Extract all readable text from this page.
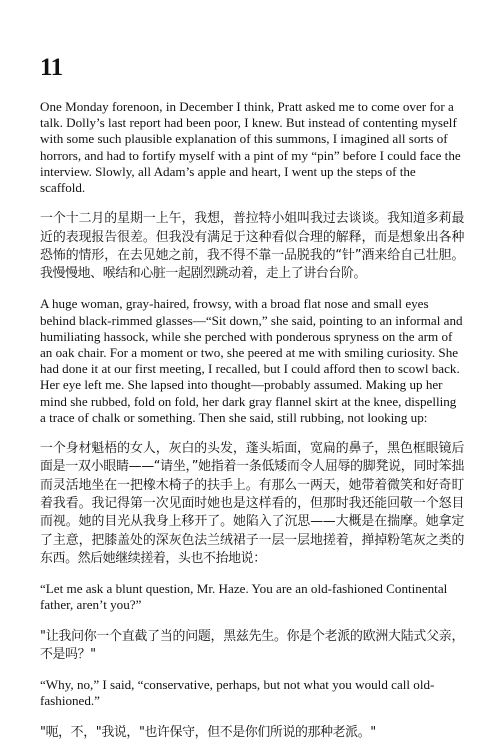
11

One Monday forenoon, in December I think, Pratt asked me to come over for a talk. Dolly’s last report had been poor, I knew. But instead of contenting myself with some such plausible explanation of this summons, I imagined all sorts of horrors, and had to fortify myself with a pint of my “pin” before I could face the interview. Slowly, all Adam’s apple and heart, I went up the steps of the scaffold.

一个十二月的星期一上午，我想，普拉特小姐叫我过去谈谈。我知道多莉最近的表现报告很差。但我没有满足于这种看似合理的解释，而是想象出各种恐怖的情形，在去见她之前，我不得不靠一品脱我的“针”酒来给自己壮胆。我慢慢地、喉结和心脏一起剧烈跳动着，走上了讲台台阶。

A huge woman, gray-haired, frowsy, with a broad flat nose and small eyes behind black-rimmed glasses—“Sit down,” she said, pointing to an informal and humiliating hassock, while she perched with ponderous spryness on the arm of an oak chair. For a moment or two, she peered at me with smiling curiosity. She had done it at our first meeting, I recalled, but I could afford then to scowl back. Her eye left me. She lapsed into thought—probably assumed. Making up her mind she rubbed, fold on fold, her dark gray flannel skirt at the knee, dispelling a trace of chalk or something. Then she said, still rubbing, not looking up:

一个身材魁梧的女人，灰白的头发，蓬头垢面，宽扁的鼻子，黑色框眼镜后面是一双小眼睛——“请坐，”她指着一条低矮而令人屈辱的脚凳说，同时笨拙而灵活地坐在一把橡木椅子的扶手上。有那么一两天，她带着微笑和好奇盯着我看。我记得第一次见面时她也是这样看的，但那时我还能回敬一个怒目而视。她的目光从我身上移开了。她陷入了沉思——大概是在揣摩。她拿定了主意，把膝盖处的深灰色法兰绒裙子一层一层地搓着，掸掉粉笔灰之类的东西。然后她继续搓着，头也不抬地说：

“Let me ask a blunt question, Mr. Haze. You are an old-fashioned Continental father, aren’t you?”

"让我问你一个直截了当的问题，黑兹先生。你是个老派的欧洲大陆式父亲，不是吗？"

“Why, no,” I said, “conservative, perhaps, but not what you would call old-fashioned.”

"呃，不，"我说，"也许保守，但不是你们所说的那种老派。"
